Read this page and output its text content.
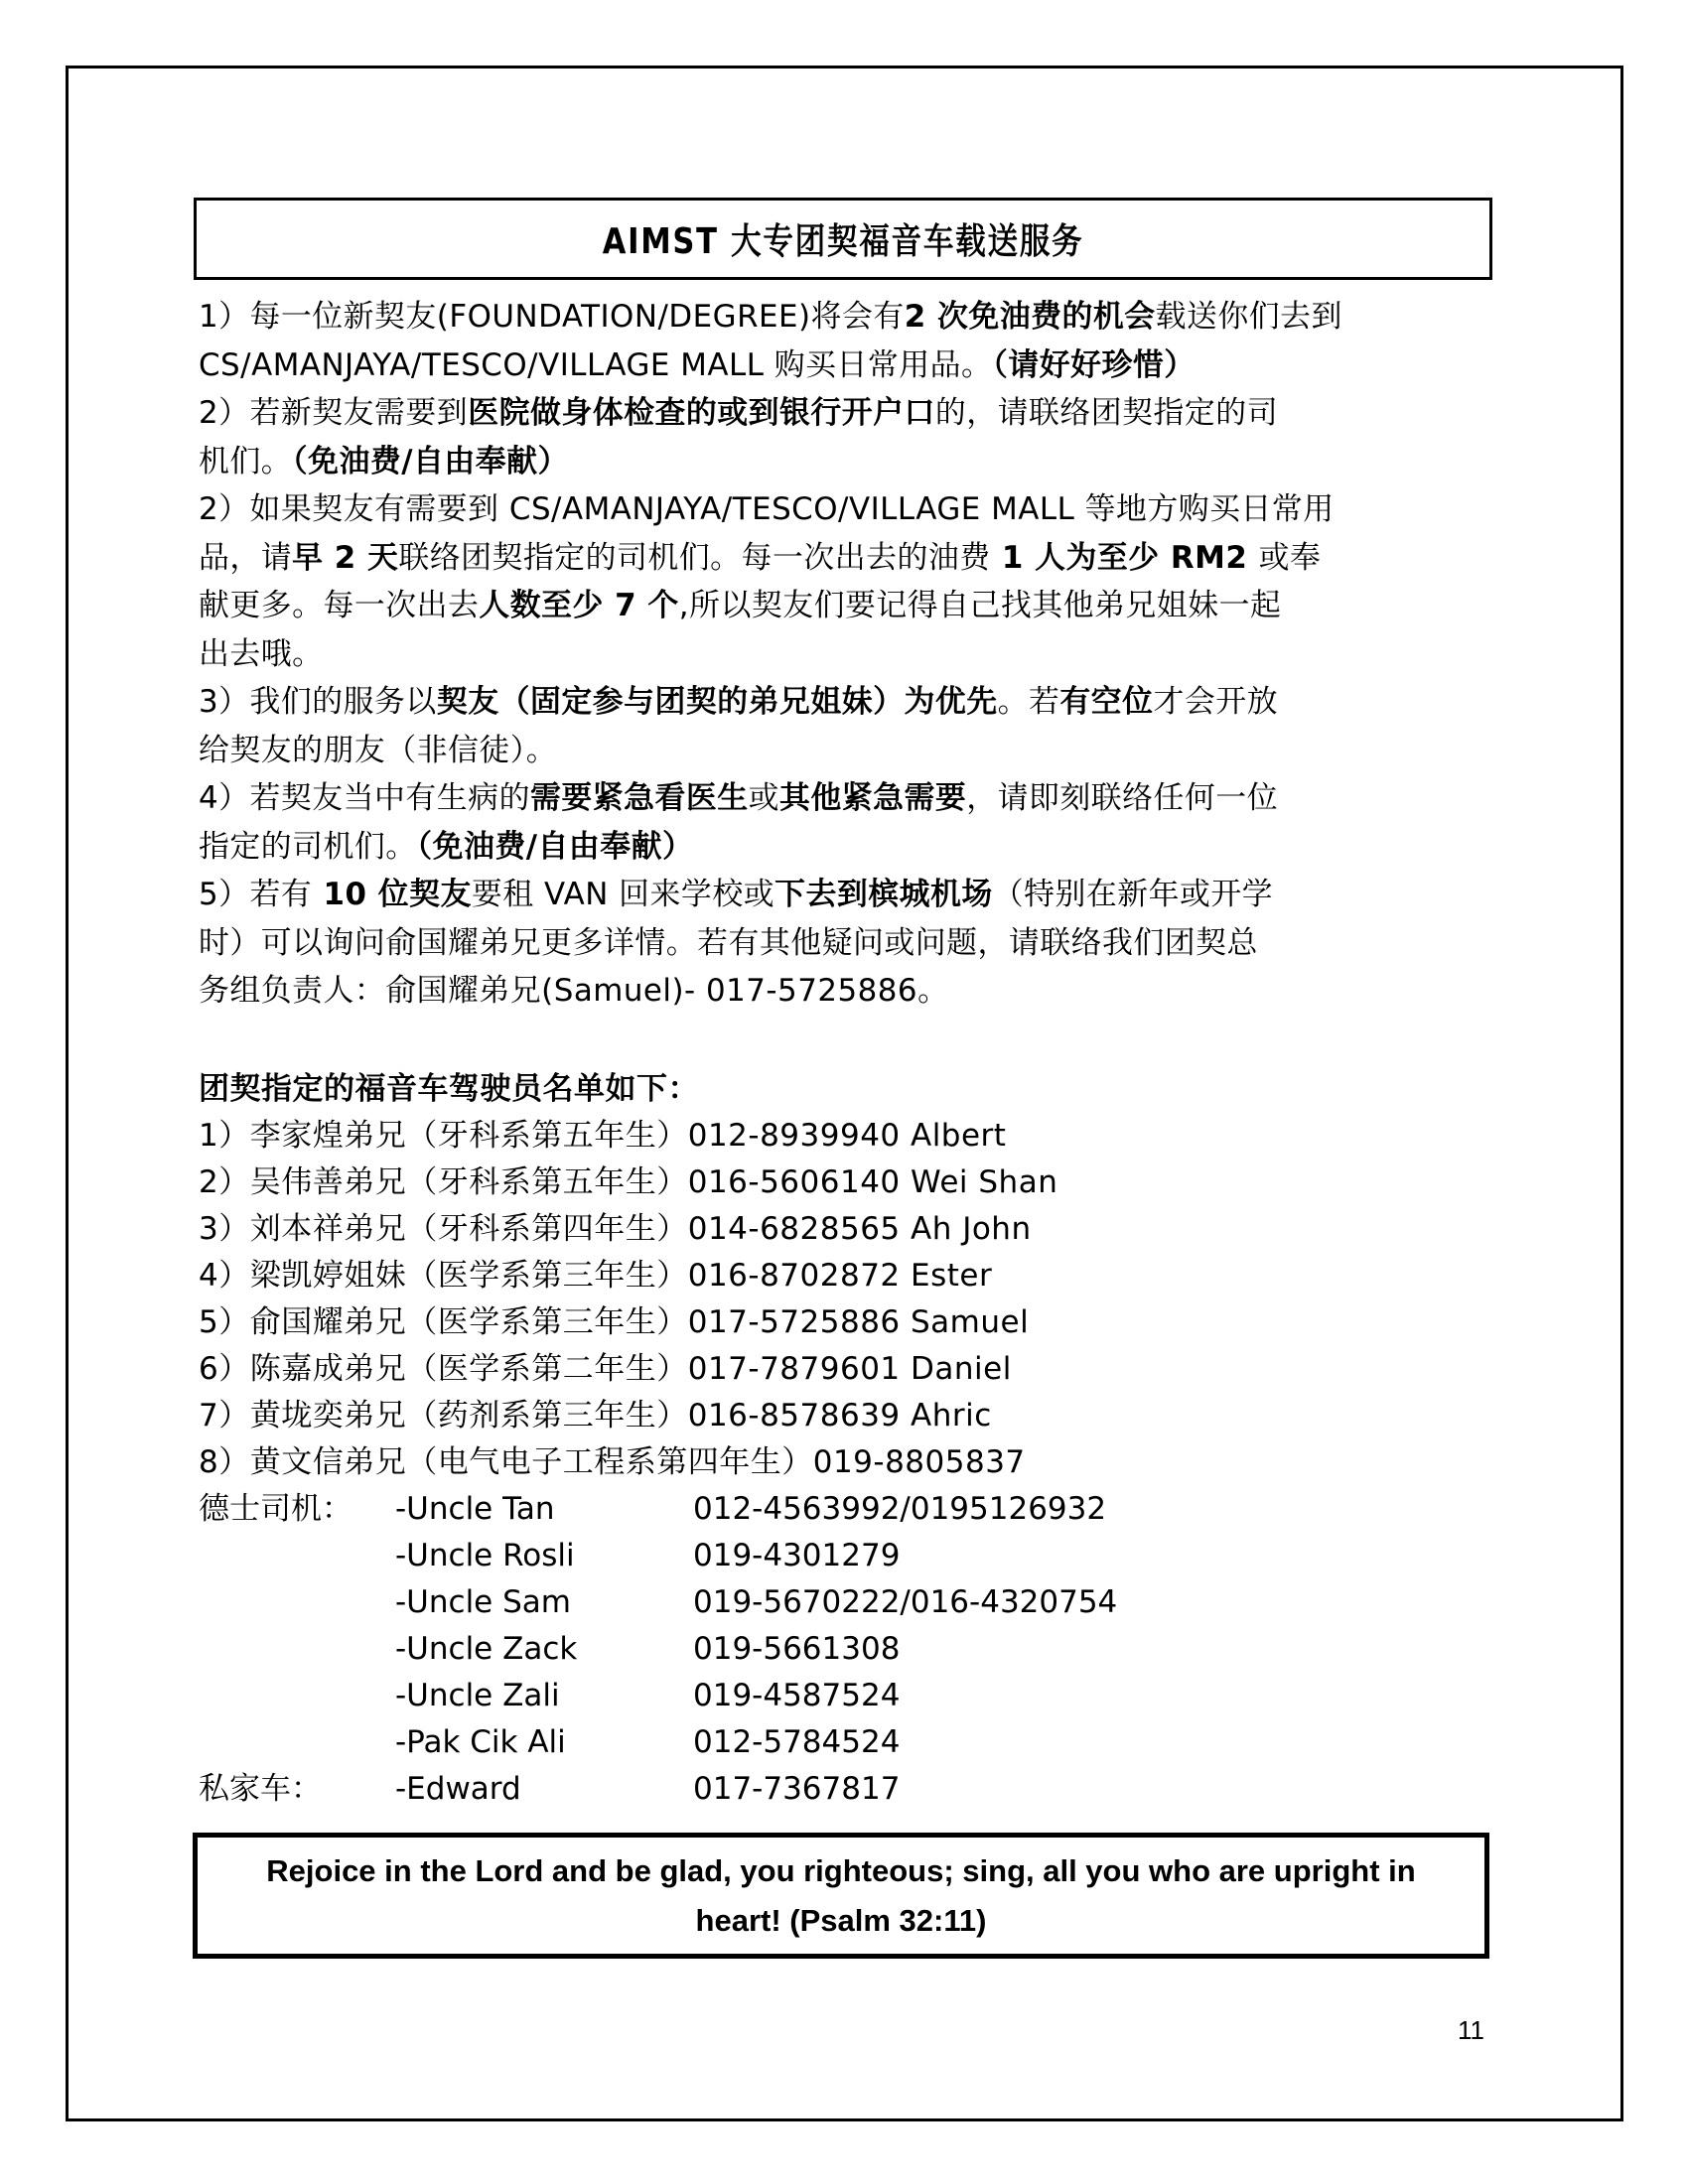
AIMST 大专团契福音车载送服务
1）每一位新契友(FOUNDATION/DEGREE)将会有2 次免油费的机会载送你们去到
CS/AMANJAYA/TESCO/VILLAGE MALL 购买日常用品。（请好好珍惜）
2）若新契友需要到医院做身体检查的或到银行开户口的，请联络团契指定的司
机们。（免油费/自由奉献）
2）如果契友有需要到 CS/AMANJAYA/TESCO/VILLAGE MALL 等地方购买日常用
品，请早 2 天联络团契指定的司机们。每一次出去的油费 1 人为至少 RM2 或奉
献更多。每一次出去人数至少 7 个,所以契友们要记得自己找其他弟兄姐妹一起
出去哦。
3）我们的服务以契友（固定参与团契的弟兄姐妹）为优先。若有空位才会开放
给契友的朋友（非信徒）。
4）若契友当中有生病的需要紧急看医生或其他紧急需要，请即刻联络任何一位
指定的司机们。（免油费/自由奉献）
5）若有 10 位契友要租 VAN 回来学校或下去到槟城机场（特别在新年或开学
时）可以询问俞国耀弟兄更多详情。若有其他疑问或问题，请联络我们团契总
务组负责人：俞国耀弟兄(Samuel)- 017-5725886。
团契指定的福音车驾驶员名单如下：
1）李家煌弟兄（牙科系第五年生）012-8939940 Albert
2）吴伟善弟兄（牙科系第五年生）016-5606140 Wei Shan
3）刘本祥弟兄（牙科系第四年生）014-6828565 Ah John
4）梁凯婷姐妹（医学系第三年生）016-8702872 Ester
5）俞国耀弟兄（医学系第三年生）017-5725886 Samuel
6）陈嘉成弟兄（医学系第二年生）017-7879601 Daniel
7）黄垅奕弟兄（药剂系第三年生）016-8578639 Ahric
8）黄文信弟兄（电气电子工程系第四年生）019-8805837
德士司机： -Uncle Tan	012-4563992/0195126932
-Uncle Rosli	019-4301279
-Uncle Sam	019-5670222/016-4320754
-Uncle Zack	019-5661308
-Uncle Zali	019-4587524
-Pak Cik Ali	012-5784524
私家车： -Edward	017-7367817
Rejoice in the Lord and be glad, you righteous; sing, all you who are upright in
heart! (Psalm 32:11)
11
